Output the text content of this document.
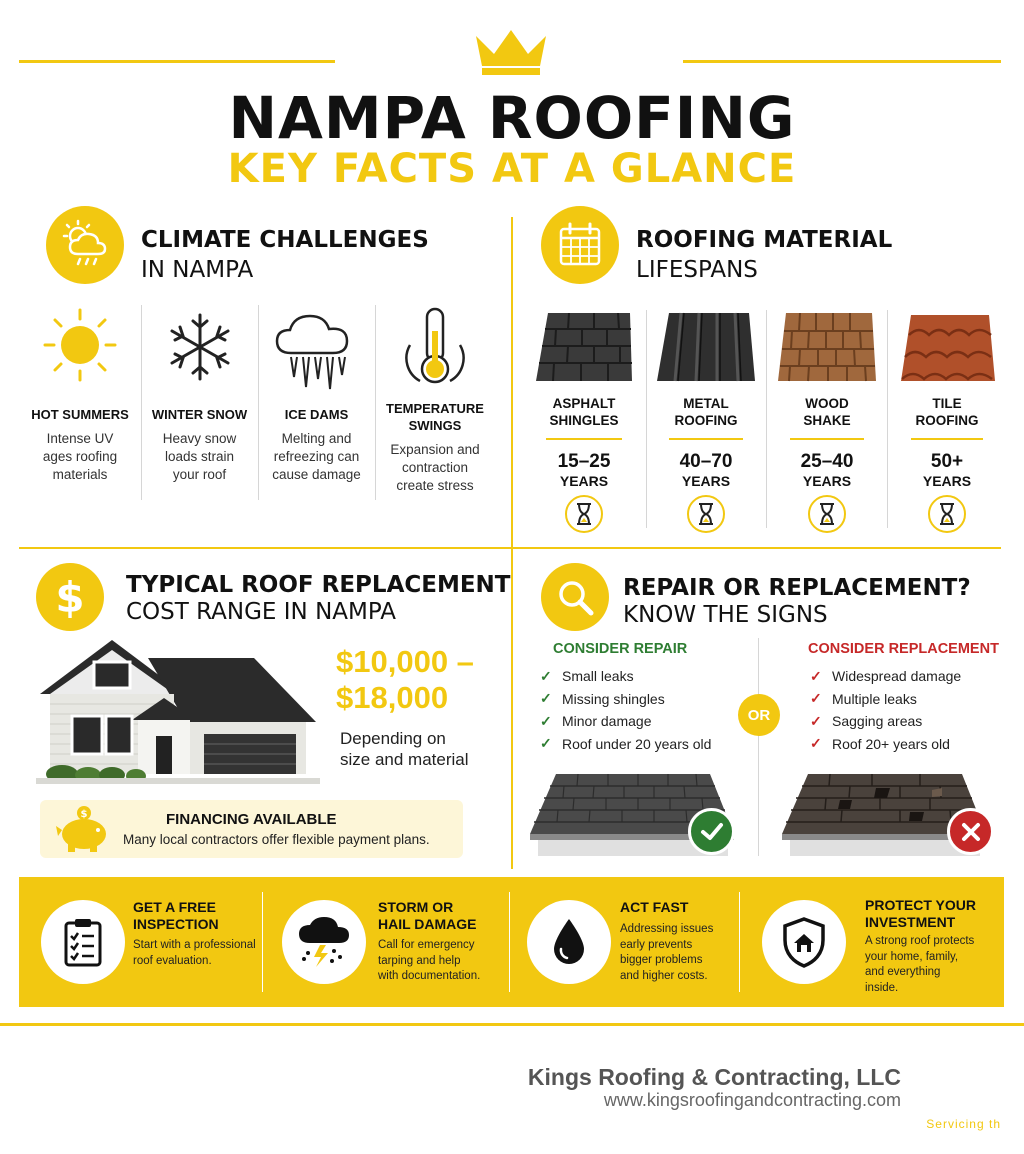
NAMPA ROOFING
KEY FACTS AT A GLANCE
CLIMATE CHALLENGES
IN NAMPA
HOT SUMMERS
Intense UV
ages roofing
materials
WINTER SNOW
Heavy snow
loads strain
your roof
ICE DAMS
Melting and
refreezing can
cause damage
TEMPERATURE
SWINGS
Expansion and
contraction
create stress
ROOFING MATERIAL
LIFESPANS
ASPHALT
SHINGLES
15–25
YEARS
METAL
ROOFING
40–70
YEARS
WOOD
SHAKE
25–40
YEARS
TILE
ROOFING
50+
YEARS
$ TYPICAL ROOF REPLACEMENT
COST RANGE IN NAMPA
$10,000 –
$18,000
Depending on
size and material
$	FINANCING AVAILABLE
Many local contractors offer flexible payment plans.
REPAIR OR REPLACEMENT?
KNOW THE SIGNS
CONSIDER REPAIR
✓ Small leaks
✓ Missing shingles
✓ Minor damage
✓ Roof under 20 years old
OR
CONSIDER REPLACEMENT
✓ Widespread damage
✓ Multiple leaks
✓ Sagging areas
✓ Roof 20+ years old
GET A FREE
INSPECTION
Start with a professional
roof evaluation.
STORM OR
HAIL DAMAGE
Call for emergency
tarping and help
with documentation.
ACT FAST
Addressing issues
early prevents
bigger problems
and higher costs.
PROTECT YOUR
INVESTMENT
A strong roof protects
your home, family,
and everything
inside.
Kings Roofing & Contracting, LLC
www.kingsroofingandcontracting.com
Servicing th
